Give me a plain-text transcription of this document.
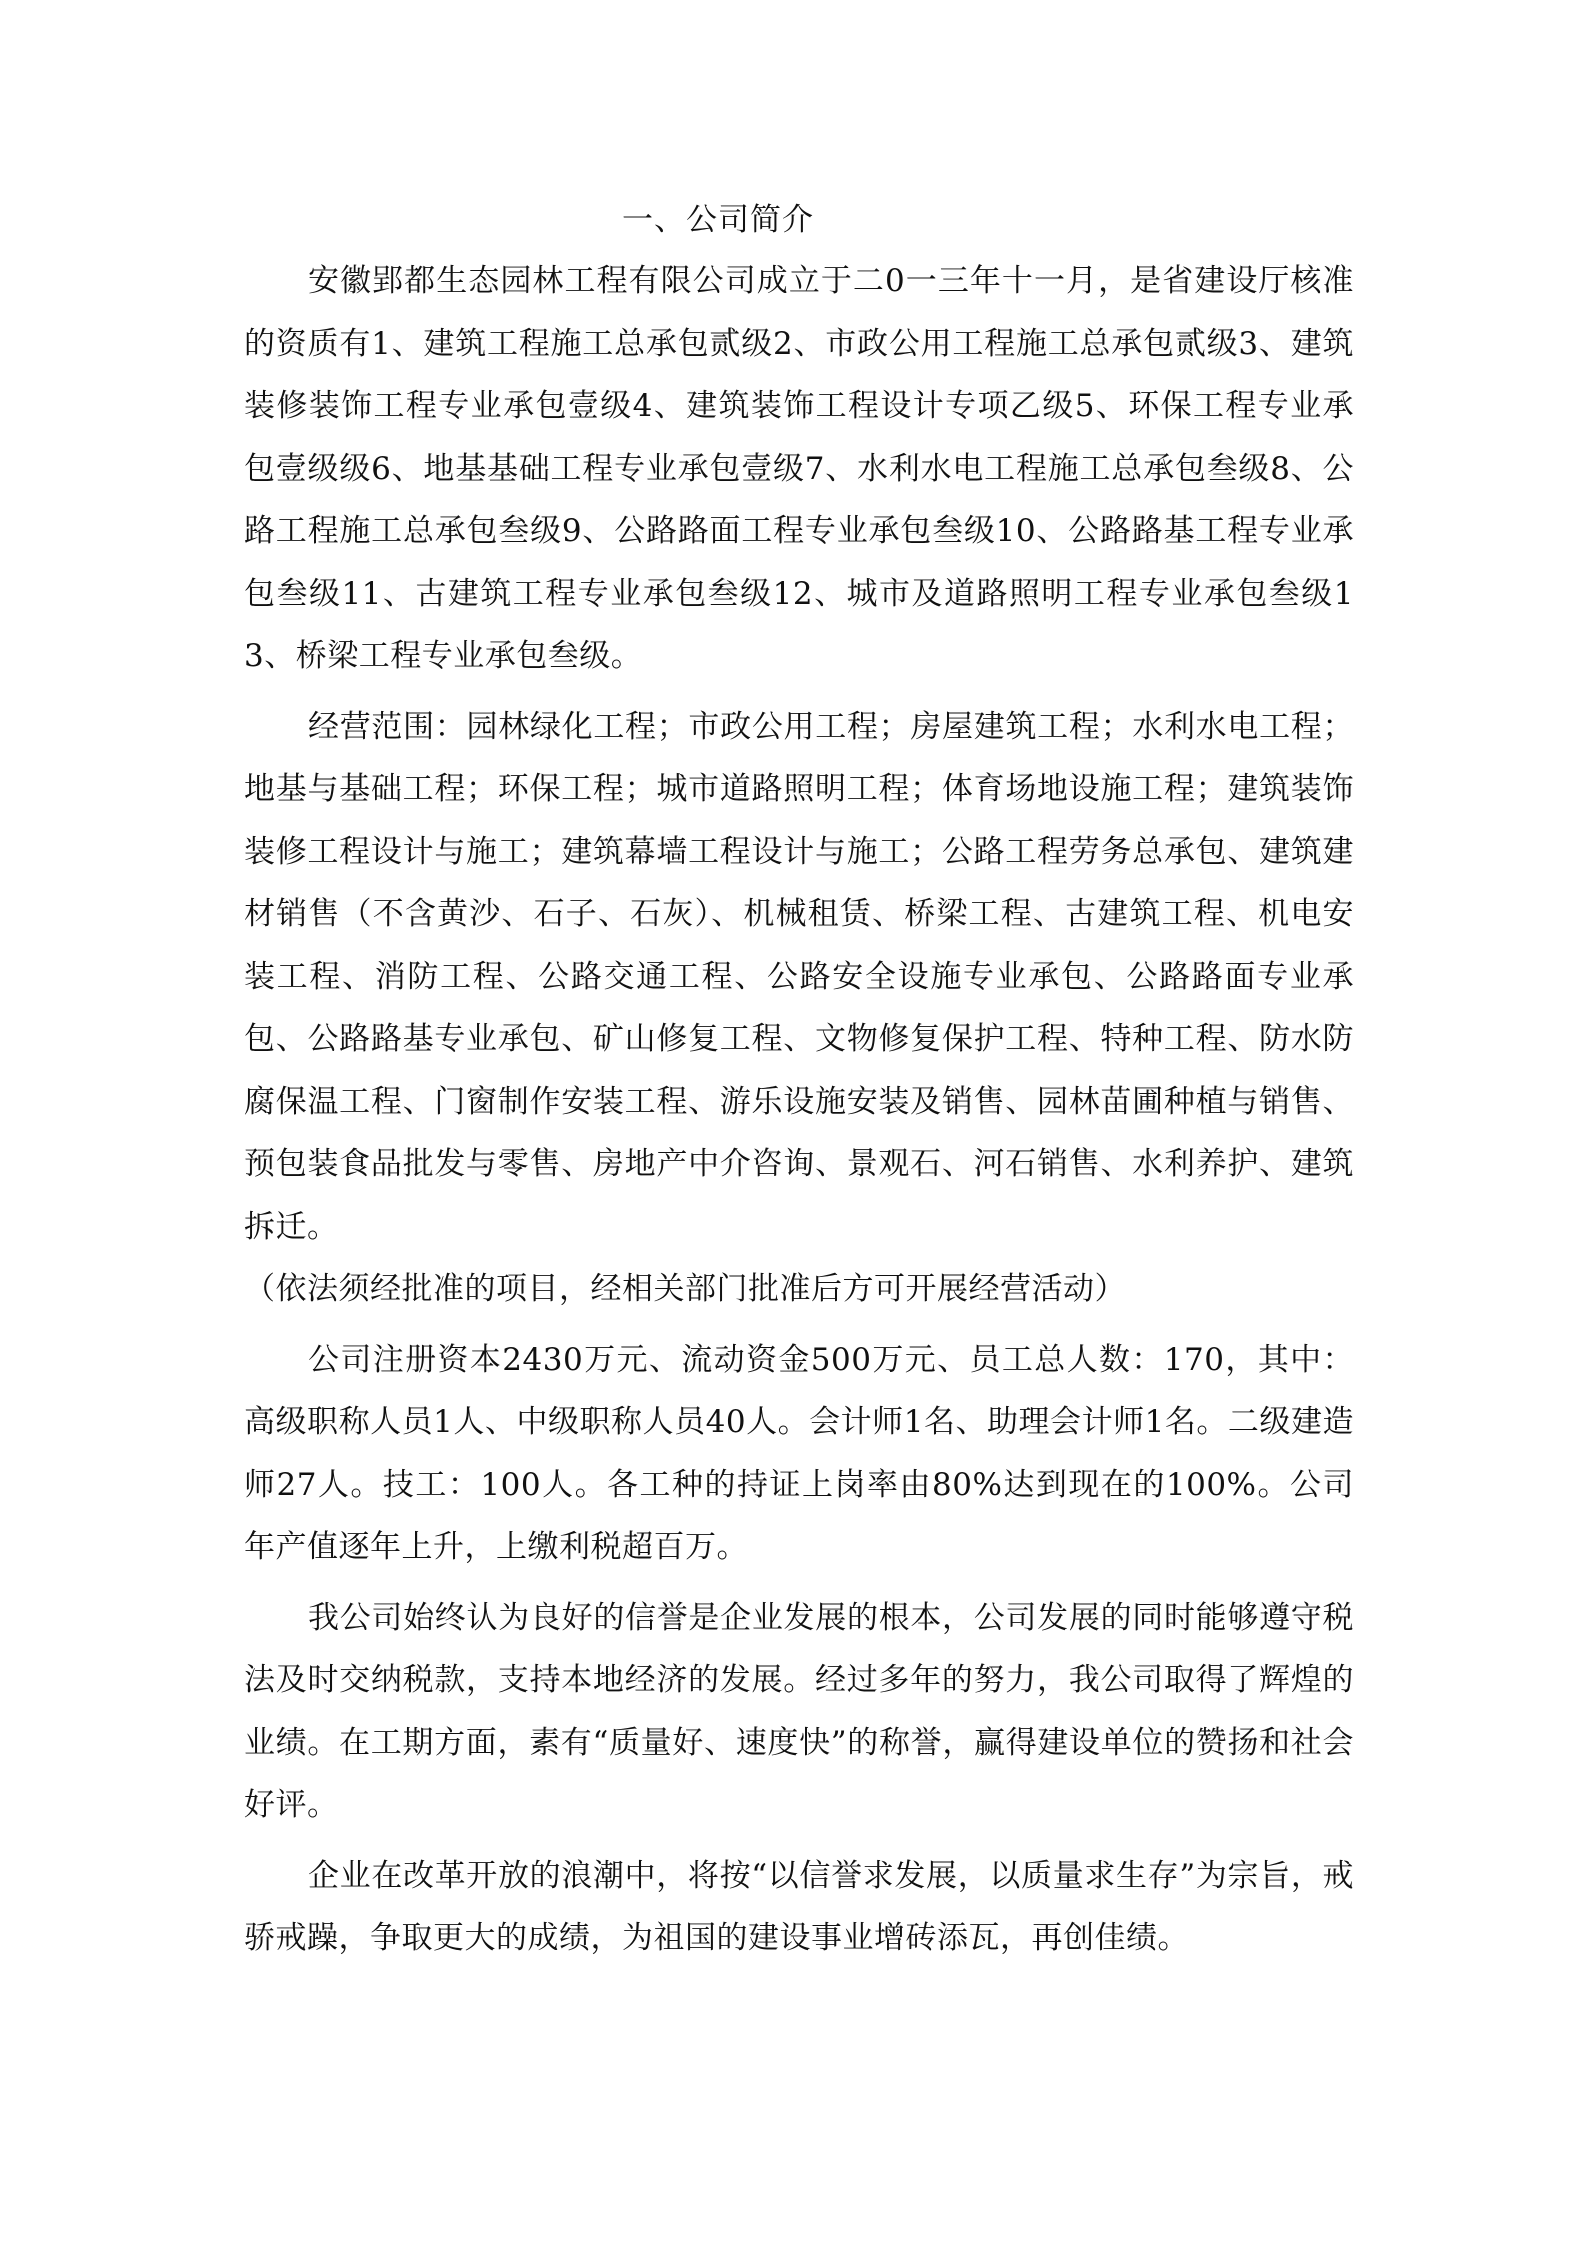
一、公司简介

安徽郢都生态园林工程有限公司成立于二0一三年十一月，是省建设厅核准的资质有1、建筑工程施工总承包贰级2、市政公用工程施工总承包贰级3、建筑装修装饰工程专业承包壹级4、建筑装饰工程设计专项乙级5、环保工程专业承包壹级级6、地基基础工程专业承包壹级7、水利水电工程施工总承包叁级8、公路工程施工总承包叁级9、公路路面工程专业承包叁级10、公路路基工程专业承包叁级11、古建筑工程专业承包叁级12、城市及道路照明工程专业承包叁级13、桥梁工程专业承包叁级。

经营范围：园林绿化工程；市政公用工程；房屋建筑工程；水利水电工程；地基与基础工程；环保工程；城市道路照明工程；体育场地设施工程；建筑装饰装修工程设计与施工；建筑幕墙工程设计与施工；公路工程劳务总承包、建筑建材销售（不含黄沙、石子、石灰）、机械租赁、桥梁工程、古建筑工程、机电安装工程、消防工程、公路交通工程、公路安全设施专业承包、公路路面专业承包、公路路基专业承包、矿山修复工程、文物修复保护工程、特种工程、防水防腐保温工程、门窗制作安装工程、游乐设施安装及销售、园林苗圃种植与销售、预包装食品批发与零售、房地产中介咨询、景观石、河石销售、水利养护、建筑拆迁。

（依法须经批准的项目，经相关部门批准后方可开展经营活动）

公司注册资本2430万元、流动资金500万元、员工总人数：170，其中：高级职称人员1人、中级职称人员40人。会计师1名、助理会计师1名。二级建造师27人。技工：100人。各工种的持证上岗率由80%达到现在的100%。公司年产值逐年上升，上缴利税超百万。

我公司始终认为良好的信誉是企业发展的根本，公司发展的同时能够遵守税法及时交纳税款，支持本地经济的发展。经过多年的努力，我公司取得了辉煌的业绩。在工期方面，素有“质量好、速度快”的称誉，赢得建设单位的赞扬和社会好评。

企业在改革开放的浪潮中，将按“以信誉求发展，以质量求生存”为宗旨，戒骄戒躁，争取更大的成绩，为祖国的建设事业增砖添瓦，再创佳绩。
